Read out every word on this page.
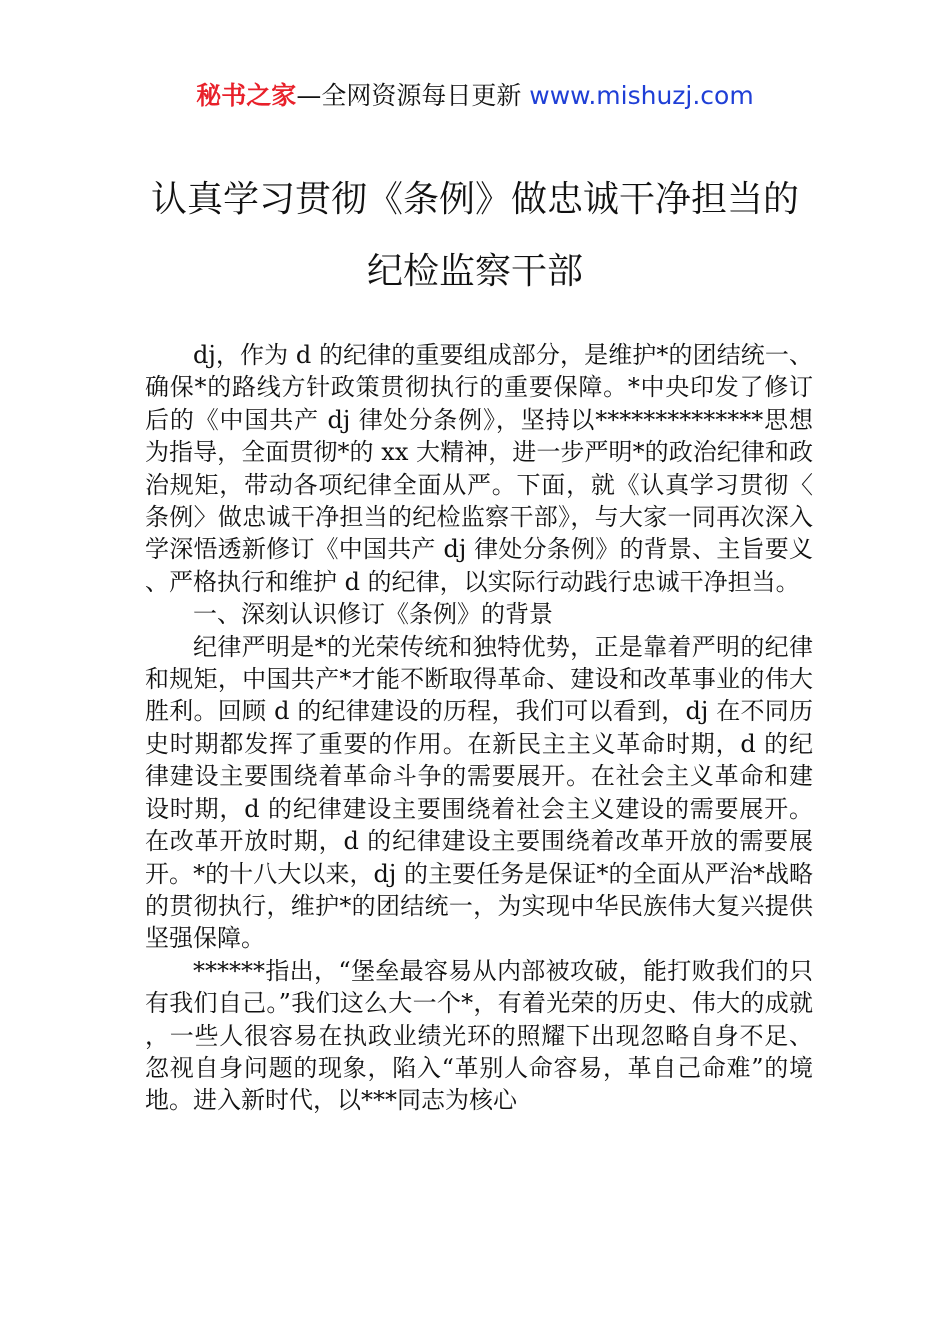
秘书之家—全网资源每日更新 www.mishuzj.com
认真学习贯彻《条例》做忠诚干净担当的
纪检监察干部

dj，作为 d 的纪律的重要组成部分，是维护*的团结统一、确保*的路线方针政策贯彻执行的重要保障。*中央印发了修订后的《中国共产 dj 律处分条例》，坚持以**************思想为指导，全面贯彻*的 xx 大精神，进一步严明*的政治纪律和政治规矩，带动各项纪律全面从严。下面，就《认真学习贯彻〈条例〉做忠诚干净担当的纪检监察干部》，与大家一同再次深入学深悟透新修订《中国共产 dj 律处分条例》的背景、主旨要义、严格执行和维护 d 的纪律，以实际行动践行忠诚干净担当。

一、深刻认识修订《条例》的背景

纪律严明是*的光荣传统和独特优势，正是靠着严明的纪律和规矩，中国共产*才能不断取得革命、建设和改革事业的伟大胜利。回顾 d 的纪律建设的历程，我们可以看到，dj 在不同历史时期都发挥了重要的作用。在新民主主义革命时期，d 的纪律建设主要围绕着革命斗争的需要展开。在社会主义革命和建设时期，d 的纪律建设主要围绕着社会主义建设的需要展开。在改革开放时期，d 的纪律建设主要围绕着改革开放的需要展开。*的十八大以来，dj 的主要任务是保证*的全面从严治*战略的贯彻执行，维护*的团结统一，为实现中华民族伟大复兴提供坚强保障。

******指出，“堡垒最容易从内部被攻破，能打败我们的只有我们自己。”我们这么大一个*，有着光荣的历史、伟大的成就，一些人很容易在执政业绩光环的照耀下出现忽略自身不足、忽视自身问题的现象，陷入“革别人命容易，革自己命难”的境地。进入新时代，以***同志为核心
